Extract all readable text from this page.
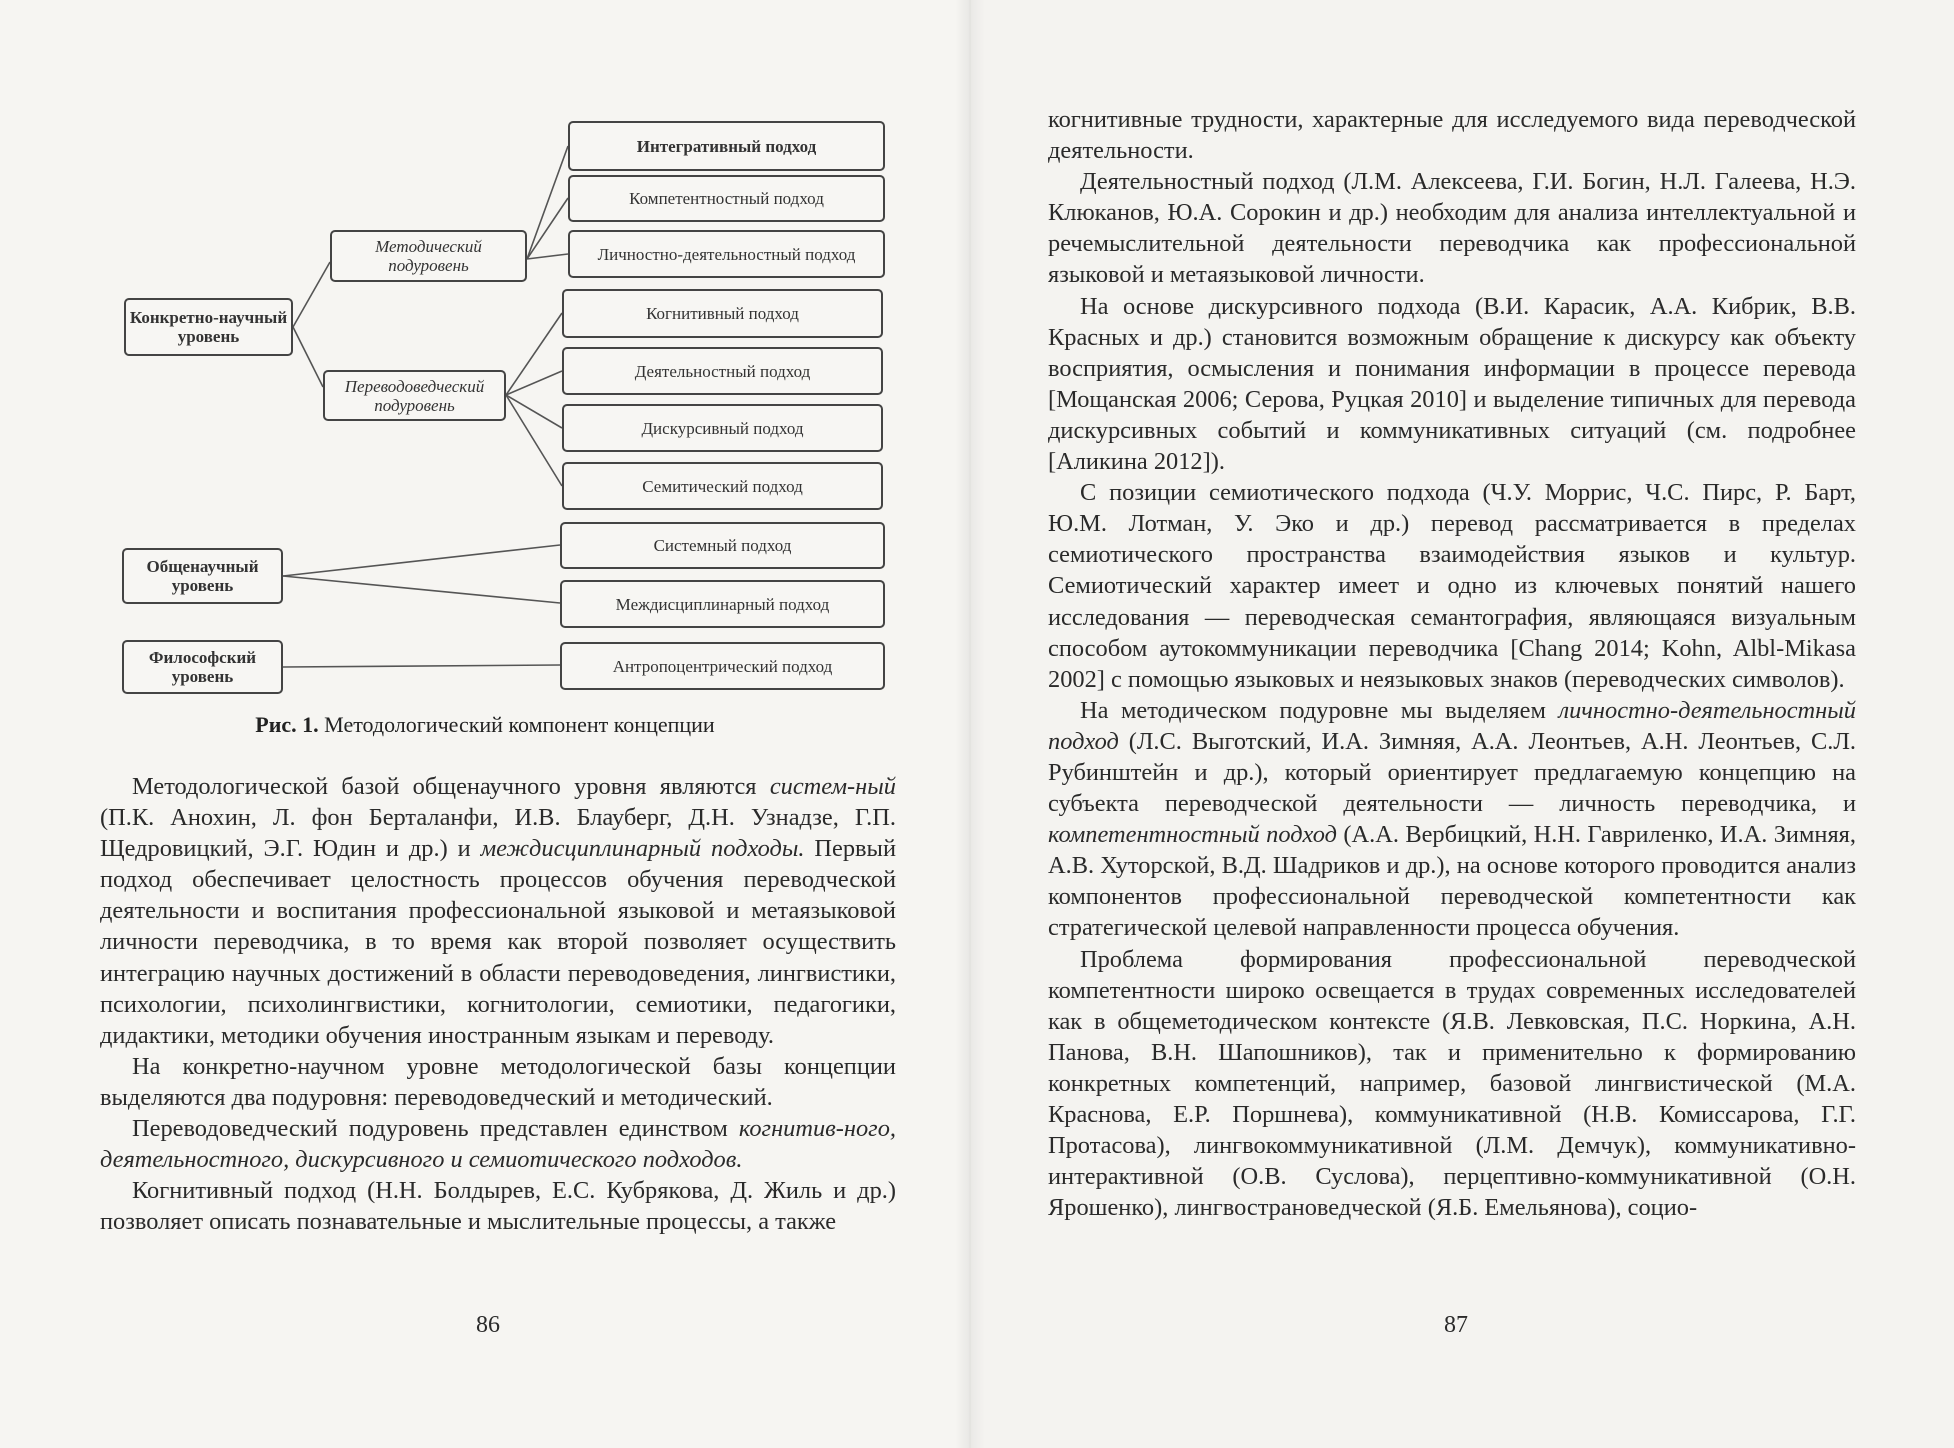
Конкретно-научный уровень
Общенаучный уровень
Философский уровень
Методический подуровень
Переводоведческий подуровень
Интегративный подход
Компетентностный подход
Личностно-деятельностный подход
Когнитивный подход
Деятельностный подход
Дискурсивный подход
Семитический подход
Системный подход
Междисциплинарный подход
Антропоцентрический подход
Рис. 1. Методологический компонент концепции

Методологической базой общенаучного уровня являются систем-ный (П.К. Анохин, Л. фон Берталанфи, И.В. Блауберг, Д.Н. Узнадзе, Г.П. Щедровицкий, Э.Г. Юдин и др.) и междисциплинарный подходы. Первый подход обеспечивает целостность процессов обучения переводческой деятельности и воспитания профессиональной языковой и метаязыковой личности переводчика, в то время как второй позволяет осуществить интеграцию научных достижений в области переводоведения, лингвистики, психологии, психолингвистики, когнитологии, семиотики, педагогики, дидактики, методики обучения иностранным языкам и переводу.

На конкретно-научном уровне методологической базы концепции выделяются два подуровня: переводоведческий и методический.

Переводоведческий подуровень представлен единством когнитив-ного, деятельностного, дискурсивного и семиотического подходов.

Когнитивный подход (Н.Н. Болдырев, Е.С. Кубрякова, Д. Жиль и др.) позволяет описать познавательные и мыслительные процессы, а также

86

когнитивные трудности, характерные для исследуемого вида переводческой деятельности.

Деятельностный подход (Л.М. Алексеева, Г.И. Богин, Н.Л. Галеева, Н.Э. Клюканов, Ю.А. Сорокин и др.) необходим для анализа интеллектуальной и речемыслительной деятельности переводчика как профессиональной языковой и метаязыковой личности.

На основе дискурсивного подхода (В.И. Карасик, А.А. Кибрик, В.В. Красных и др.) становится возможным обращение к дискурсу как объекту восприятия, осмысления и понимания информации в процессе перевода [Мощанская 2006; Серова, Руцкая 2010] и выделение типичных для перевода дискурсивных событий и коммуникативных ситуаций (см. подробнее [Аликина 2012]).

С позиции семиотического подхода (Ч.У. Моррис, Ч.С. Пирс, Р. Барт, Ю.М. Лотман, У. Эко и др.) перевод рассматривается в пределах семиотического пространства взаимодействия языков и культур. Семиотический характер имеет и одно из ключевых понятий нашего исследования — переводческая семантография, являющаяся визуальным способом аутокоммуникации переводчика [Chang 2014; Kohn, Albl-Mikasa 2002] с помощью языковых и неязыковых знаков (переводческих символов).

На методическом подуровне мы выделяем личностно-деятельностный подход (Л.С. Выготский, И.А. Зимняя, А.А. Леонтьев, А.Н. Леонтьев, С.Л. Рубинштейн и др.), который ориентирует предлагаемую концепцию на субъекта переводческой деятельности — личность переводчика, и компетентностный подход (А.А. Вербицкий, Н.Н. Гавриленко, И.А. Зимняя, А.В. Хуторской, В.Д. Шадриков и др.), на основе которого проводится анализ компонентов профессиональной переводческой компетентности как стратегической целевой направленности процесса обучения.

Проблема формирования профессиональной переводческой компетентности широко освещается в трудах современных исследователей как в общеметодическом контексте (Я.В. Левковская, П.С. Норкина, А.Н. Панова, В.Н. Шапошников), так и применительно к формированию конкретных компетенций, например, базовой лингвистической (М.А. Краснова, Е.Р. Поршнева), коммуникативной (Н.В. Комиссарова, Г.Г. Протасова), лингвокоммуникативной (Л.М. Демчук), коммуникативно-интерактивной (О.В. Суслова), перцептивно-коммуникативной (О.Н. Ярошенко), лингвострановедческой (Я.Б. Емельянова), социо-

87
